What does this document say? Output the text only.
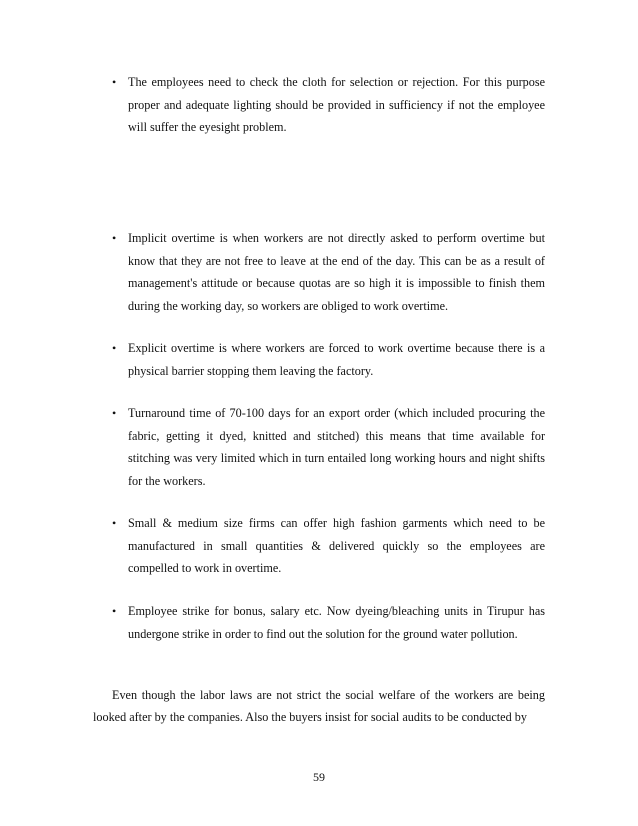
• The employees need to check the cloth for selection or rejection. For this purpose proper and adequate lighting should be provided in sufficiency if not the employee will suffer the eyesight problem.
• Implicit overtime is when workers are not directly asked to perform overtime but know that they are not free to leave at the end of the day. This can be as a result of management's attitude or because quotas are so high it is impossible to finish them during the working day, so workers are obliged to work overtime.
• Explicit overtime is where workers are forced to work overtime because there is a physical barrier stopping them leaving the factory.
• Turnaround time of 70-100 days for an export order (which included procuring the fabric, getting it dyed, knitted and stitched) this means that time available for stitching was very limited which in turn entailed long working hours and night shifts for the workers.
• Small & medium size firms can offer high fashion garments which need to be manufactured in small quantities & delivered quickly so the employees are compelled to work in overtime.
• Employee strike for bonus, salary etc. Now dyeing/bleaching units in Tirupur has undergone strike in order to find out the solution for the ground water pollution.
Even though the labor laws are not strict the social welfare of the workers are being looked after by the companies. Also the buyers insist for social audits to be conducted by
59
